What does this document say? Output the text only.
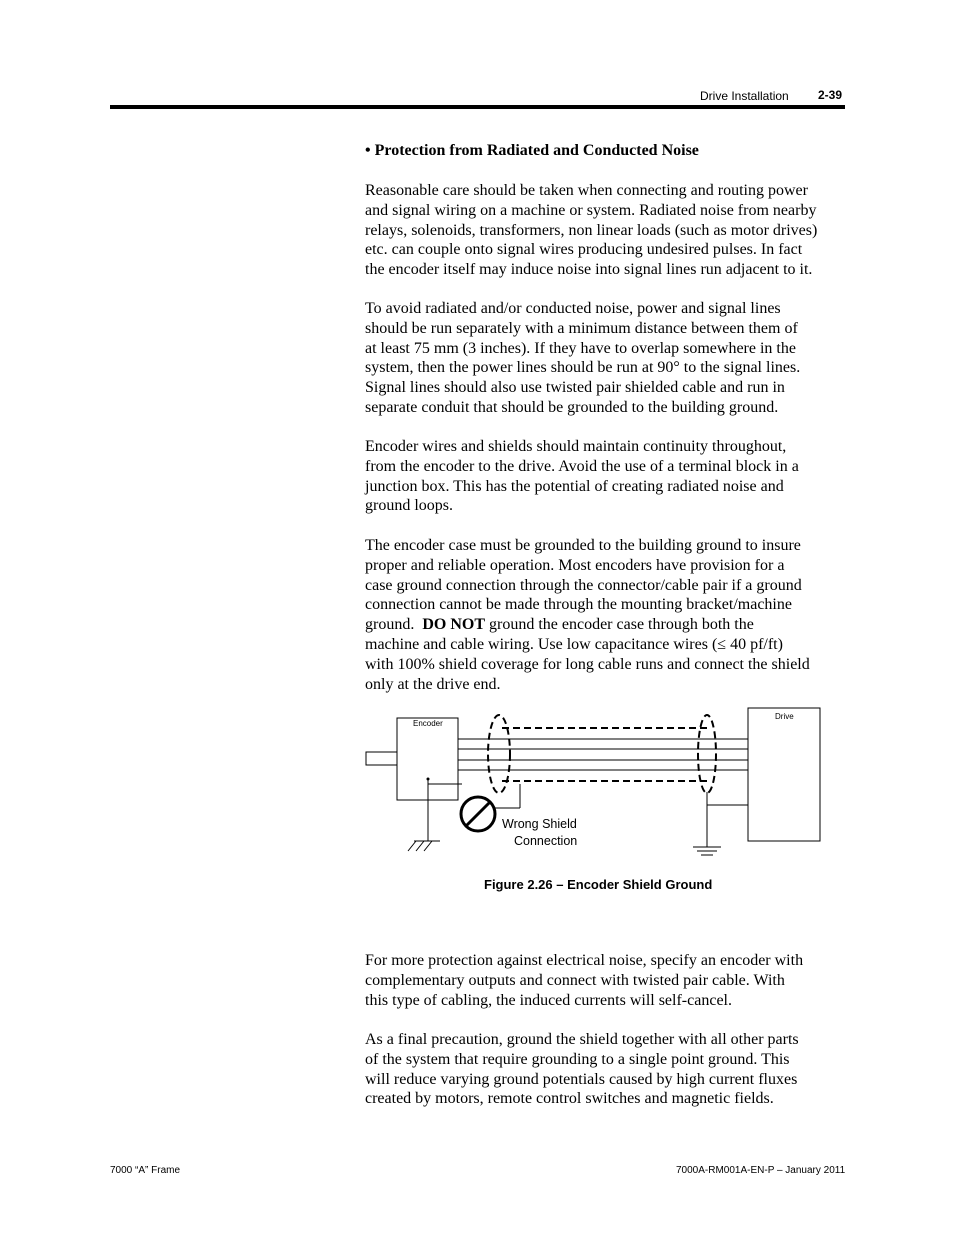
Drive Installation 2-39
• Protection from Radiated and Conducted Noise
Reasonable care should be taken when connecting and routing power
and signal wiring on a machine or system. Radiated noise from nearby
relays, solenoids, transformers, non linear loads (such as motor drives)
etc. can couple onto signal wires producing undesired pulses. In fact
the encoder itself may induce noise into signal lines run adjacent to it.
To avoid radiated and/or conducted noise, power and signal lines
should be run separately with a minimum distance between them of
at least 75 mm (3 inches). If they have to overlap somewhere in the
system, then the power lines should be run at 90° to the signal lines.
Signal lines should also use twisted pair shielded cable and run in
separate conduit that should be grounded to the building ground.
Encoder wires and shields should maintain continuity throughout,
from the encoder to the drive. Avoid the use of a terminal block in a
junction box. This has the potential of creating radiated noise and
ground loops.
The encoder case must be grounded to the building ground to insure
proper and reliable operation. Most encoders have provision for a
case ground connection through the connector/cable pair if a ground
connection cannot be made through the mounting bracket/machine
ground.  DO NOT ground the encoder case through both the
machine and cable wiring. Use low capacitance wires (≤ 40 pf/ft)
with 100% shield coverage for long cable runs and connect the shield
only at the drive end.
Encoder
Drive
Wrong Shield
Connection
Figure 2.26 – Encoder Shield Ground
For more protection against electrical noise, specify an encoder with
complementary outputs and connect with twisted pair cable. With
this type of cabling, the induced currents will self-cancel.
As a final precaution, ground the shield together with all other parts
of the system that require grounding to a single point ground. This
will reduce varying ground potentials caused by high current fluxes
created by motors, remote control switches and magnetic fields.
7000 “A” Frame	7000A-RM001A-EN-P – January 2011
